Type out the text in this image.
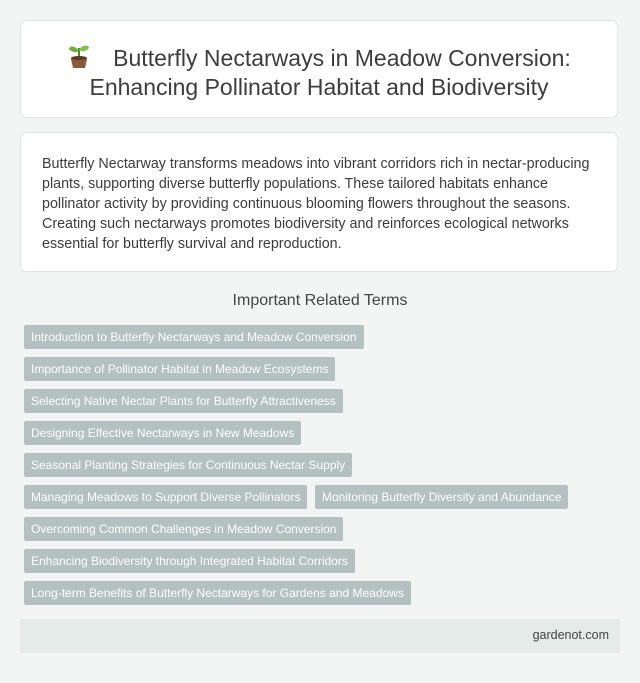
Butterfly Nectarways in Meadow Conversion:
Enhancing Pollinator Habitat and Biodiversity
Butterfly Nectarway transforms meadows into vibrant corridors rich in nectar-producing plants, supporting diverse butterfly populations. These tailored habitats enhance pollinator activity by providing continuous blooming flowers throughout the seasons. Creating such nectarways promotes biodiversity and reinforces ecological networks essential for butterfly survival and reproduction.
Important Related Terms
Introduction to Butterfly Nectarways and Meadow Conversion
Importance of Pollinator Habitat in Meadow Ecosystems
Selecting Native Nectar Plants for Butterfly Attractiveness
Designing Effective Nectarways in New Meadows
Seasonal Planting Strategies for Continuous Nectar Supply
Managing Meadows to Support Diverse Pollinators	Monitoring Butterfly Diversity and Abundance
Overcoming Common Challenges in Meadow Conversion
Enhancing Biodiversity through Integrated Habitat Corridors
Long-term Benefits of Butterfly Nectarways for Gardens and Meadows
gardenot.com
